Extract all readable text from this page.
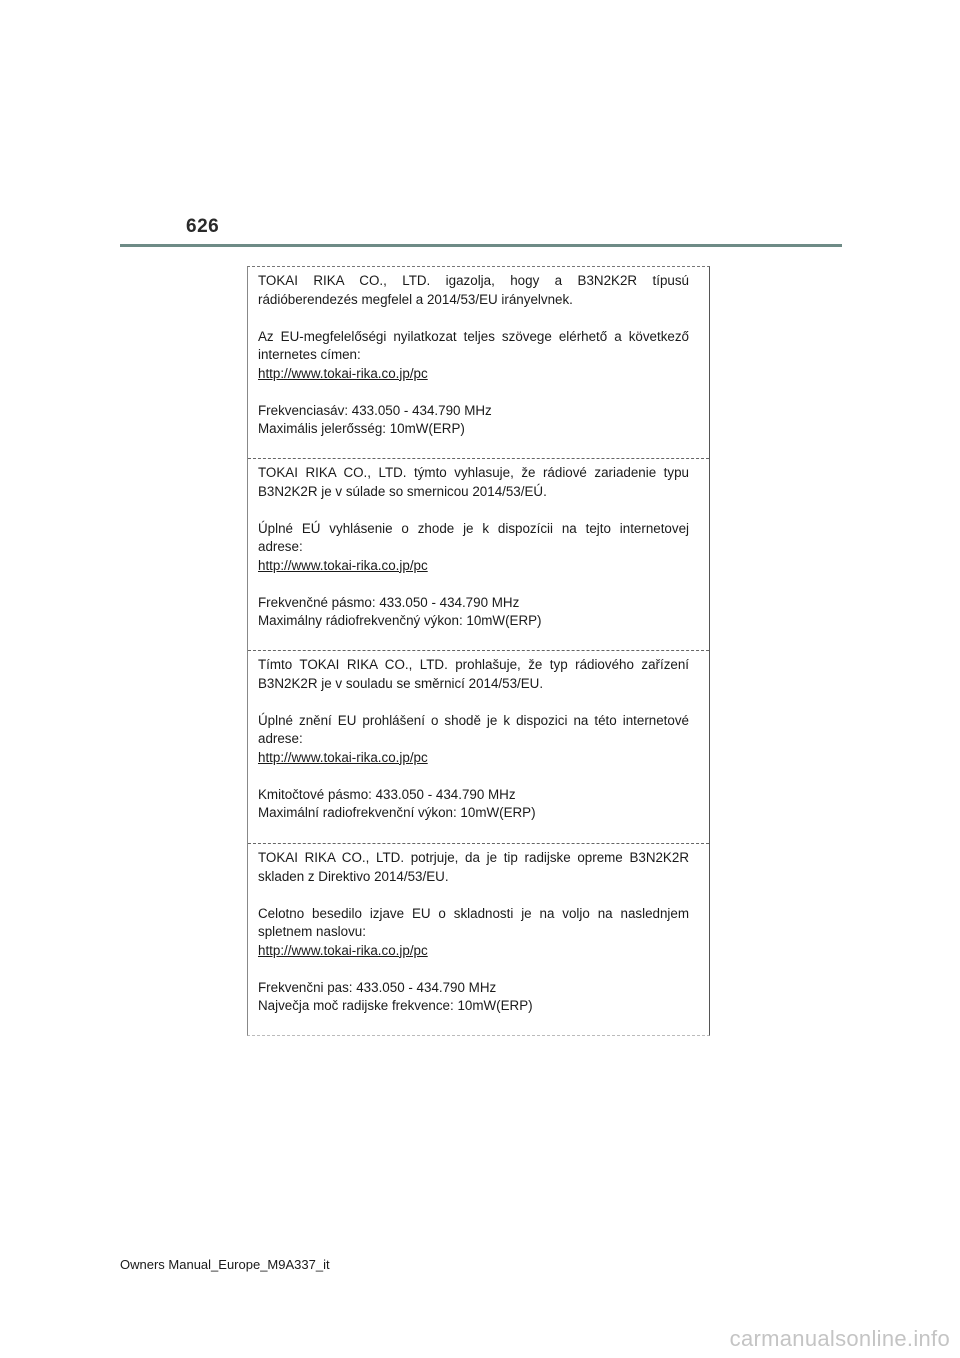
626

TOKAI RIKA CO., LTD. igazolja, hogy a B3N2K2R típusú
rádióberendezés megfelel a 2014/53/EU irányelvnek.

Az EU-megfelelőségi nyilatkozat teljes szövege elérhető a következő
internetes címen:
http://www.tokai-rika.co.jp/pc

Frekvenciasáv: 433.050 - 434.790 MHz
Maximális jelerősség: 10mW(ERP)

TOKAI RIKA CO., LTD. týmto vyhlasuje, že rádiové zariadenie typu
B3N2K2R je v súlade so smernicou 2014/53/EÚ.

Úplné EÚ vyhlásenie o zhode je k dispozícii na tejto internetovej
adrese:
http://www.tokai-rika.co.jp/pc

Frekvenčné pásmo: 433.050 - 434.790 MHz
Maximálny rádiofrekvenčný výkon: 10mW(ERP)

Tímto TOKAI RIKA CO., LTD. prohlašuje, že typ rádiového zařízení
B3N2K2R je v souladu se směrnicí 2014/53/EU.

Úplné znění EU prohlášení o shodě je k dispozici na této internetové
adrese:
http://www.tokai-rika.co.jp/pc

Kmitočtové pásmo: 433.050 - 434.790 MHz
Maximální radiofrekvenční výkon: 10mW(ERP)

TOKAI RIKA CO., LTD. potrjuje, da je tip radijske opreme B3N2K2R
skladen z Direktivo 2014/53/EU.

Celotno besedilo izjave EU o skladnosti je na voljo na naslednjem
spletnem naslovu:
http://www.tokai-rika.co.jp/pc

Frekvenčni pas: 433.050 - 434.790 MHz
Največja moč radijske frekvence: 10mW(ERP)

Owners Manual_Europe_M9A337_it
carmanualsonline.info
